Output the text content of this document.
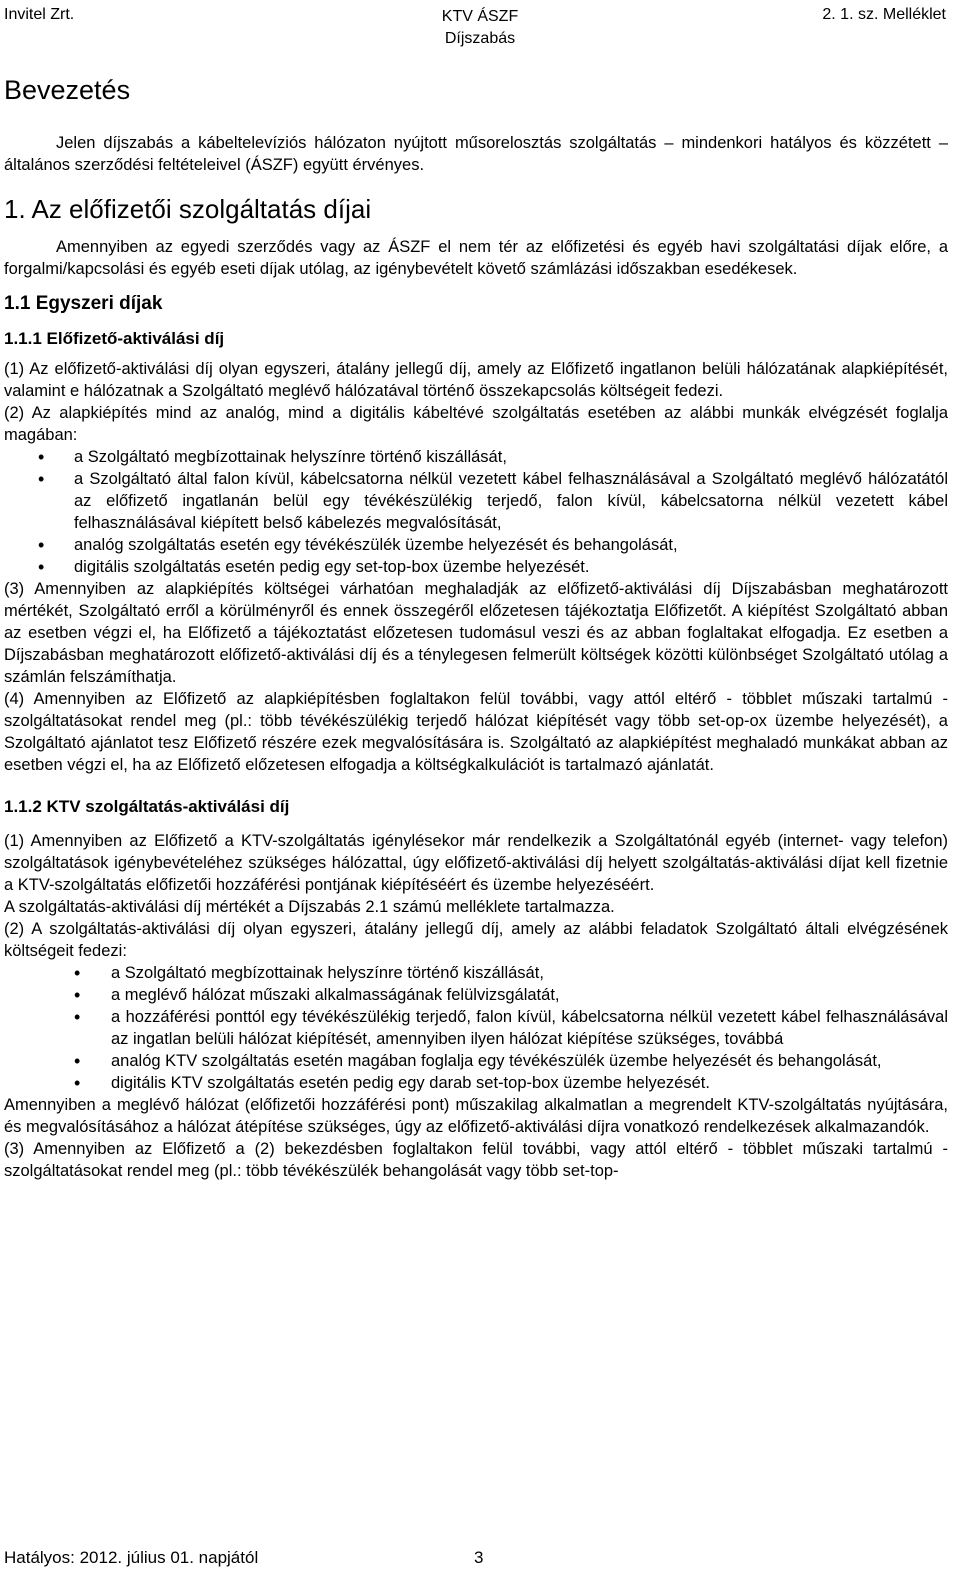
Invitel Zrt.	KTV ÁSZF
Díjszabás
2. 1. sz. Melléklet
Bevezetés

Jelen díjszabás a kábeltelevíziós hálózaton nyújtott műsorelosztás szolgáltatás – mindenkori hatályos és közzétett – általános szerződési feltételeivel (ÁSZF) együtt érvényes.

1. Az előfizetői szolgáltatás díjai

Amennyiben az egyedi szerződés vagy az ÁSZF el nem tér az előfizetési és egyéb havi szolgáltatási díjak előre, a forgalmi/kapcsolási és egyéb eseti díjak utólag, az igénybevételt követő számlázási időszakban esedékesek.

1.1 Egyszeri díjak
1.1.1 Előfizető-aktiválási díj

(1) Az előfizető-aktiválási díj olyan egyszeri, átalány jellegű díj, amely az Előfizető ingatlanon belüli hálózatának alapkiépítését, valamint e hálózatnak a Szolgáltató meglévő hálózatával történő összekapcsolás költségeit fedezi.

(2) Az alapkiépítés mind az analóg, mind a digitális kábeltévé szolgáltatás esetében az alábbi munkák elvégzését foglalja magában:

• a Szolgáltató megbízottainak helyszínre történő kiszállását,
• a Szolgáltató által falon kívül, kábelcsatorna nélkül vezetett kábel felhasználásával a Szolgáltató meglévő hálózatától az előfizető ingatlanán belül egy tévékészülékig terjedő, falon kívül, kábelcsatorna nélkül vezetett kábel felhasználásával kiépített belső kábelezés megvalósítását,
• analóg szolgáltatás esetén egy tévékészülék üzembe helyezését és behangolását,
• digitális szolgáltatás esetén pedig egy set-top-box üzembe helyezését.

(3) Amennyiben az alapkiépítés költségei várhatóan meghaladják az előfizető-aktiválási díj Díjszabásban meghatározott mértékét, Szolgáltató erről a körülményről és ennek összegéről előzetesen tájékoztatja Előfizetőt. A kiépítést Szolgáltató abban az esetben végzi el, ha Előfizető a tájékoztatást előzetesen tudomásul veszi és az abban foglaltakat elfogadja. Ez esetben a Díjszabásban meghatározott előfizető-aktiválási díj és a ténylegesen felmerült költségek közötti különbséget Szolgáltató utólag a számlán felszámíthatja.

(4) Amennyiben az Előfizető az alapkiépítésben foglaltakon felül további, vagy attól eltérő - többlet műszaki tartalmú - szolgáltatásokat rendel meg (pl.: több tévékészülékig terjedő hálózat kiépítését vagy több set-op-ox üzembe helyezését), a Szolgáltató ajánlatot tesz Előfizető részére ezek megvalósítására is. Szolgáltató az alapkiépítést meghaladó munkákat abban az esetben végzi el, ha az Előfizető előzetesen elfogadja a költségkalkulációt is tartalmazó ajánlatát.

1.1.2 KTV szolgáltatás-aktiválási díj

(1) Amennyiben az Előfizető a KTV-szolgáltatás igénylésekor már rendelkezik a Szolgáltatónál egyéb (internet- vagy telefon) szolgáltatások igénybevételéhez szükséges hálózattal, úgy előfizető-aktiválási díj helyett szolgáltatás-aktiválási díjat kell fizetnie a KTV-szolgáltatás előfizetői hozzáférési pontjának kiépítéséért és üzembe helyezéséért.

A szolgáltatás-aktiválási díj mértékét a Díjszabás 2.1 számú melléklete tartalmazza.

(2) A szolgáltatás-aktiválási díj olyan egyszeri, átalány jellegű díj, amely az alábbi feladatok Szolgáltató általi elvégzésének költségeit fedezi:

• a Szolgáltató megbízottainak helyszínre történő kiszállását,
• a meglévő hálózat műszaki alkalmasságának felülvizsgálatát,
• a hozzáférési ponttól egy tévékészülékig terjedő, falon kívül, kábelcsatorna nélkül vezetett kábel felhasználásával az ingatlan belüli hálózat kiépítését, amennyiben ilyen hálózat kiépítése szükséges, továbbá
• analóg KTV szolgáltatás esetén magában foglalja egy tévékészülék üzembe helyezését és behangolását,
• digitális KTV szolgáltatás esetén pedig egy darab set-top-box üzembe helyezését.

Amennyiben a meglévő hálózat (előfizetői hozzáférési pont) műszakilag alkalmatlan a megrendelt KTV-szolgáltatás nyújtására, és megvalósításához a hálózat átépítése szükséges, úgy az előfizető-aktiválási díjra vonatkozó rendelkezések alkalmazandók.

(3) Amennyiben az Előfizető a (2) bekezdésben foglaltakon felül további, vagy attól eltérő - többlet műszaki tartalmú - szolgáltatásokat rendel meg (pl.: több tévékészülék behangolását vagy több set-top-

Hatályos: 2012. július 01. napjától	3
